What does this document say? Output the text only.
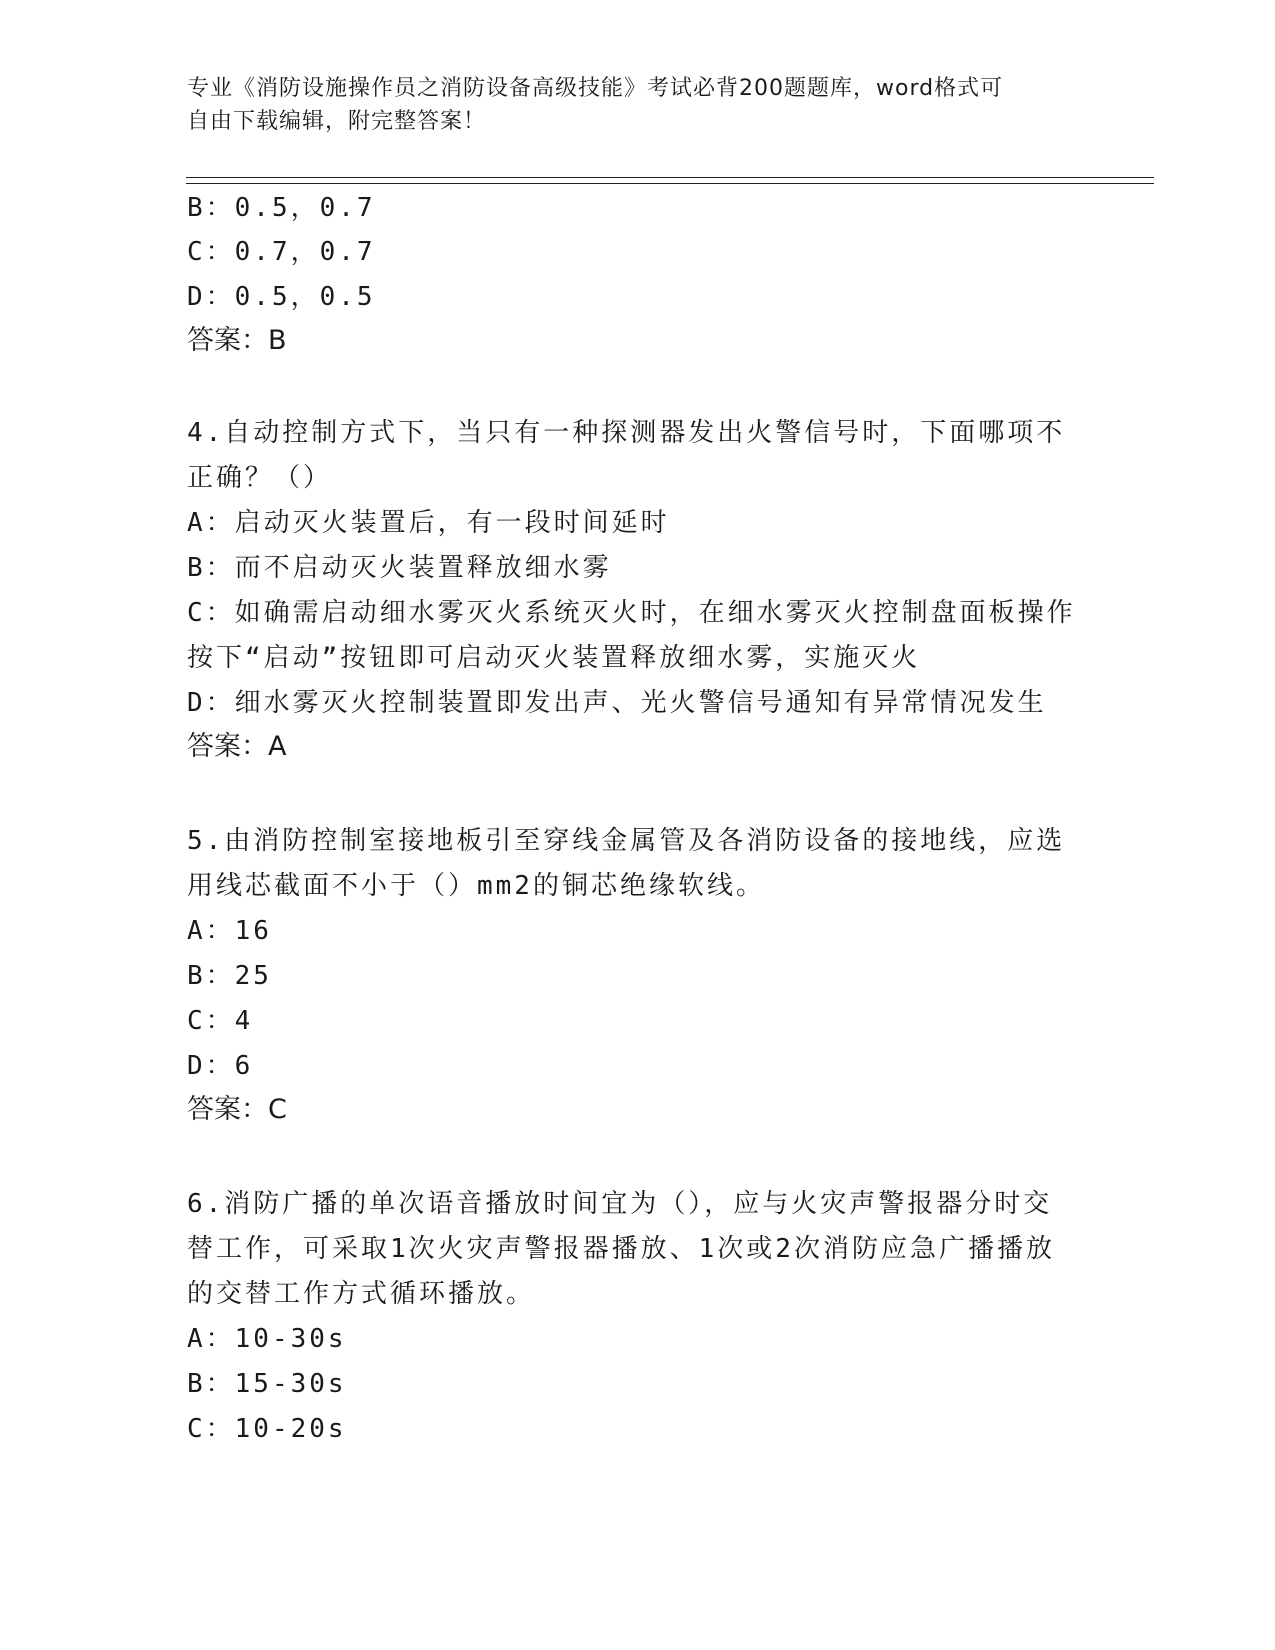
专业《消防设施操作员之消防设备高级技能》考试必背200题题库，word格式可
自由下载编辑，附完整答案！
B：0.5，0.7
C：0.7，0.7
D：0.5，0.5
答案：B
4.自动控制方式下，当只有一种探测器发出火警信号时，下面哪项不
正确？（）
A：启动灭火装置后，有一段时间延时
B：而不启动灭火装置释放细水雾
C：如确需启动细水雾灭火系统灭火时，在细水雾灭火控制盘面板操作
按下“启动”按钮即可启动灭火装置释放细水雾，实施灭火
D：细水雾灭火控制装置即发出声、光火警信号通知有异常情况发生
答案：A
5.由消防控制室接地板引至穿线金属管及各消防设备的接地线，应选
用线芯截面不小于（）mm2的铜芯绝缘软线。
A：16
B：25
C：4
D：6
答案：C
6.消防广播的单次语音播放时间宜为（），应与火灾声警报器分时交
替工作，可采取1次火灾声警报器播放、1次或2次消防应急广播播放
的交替工作方式循环播放。
A：10-30s
B：15-30s
C：10-20s
